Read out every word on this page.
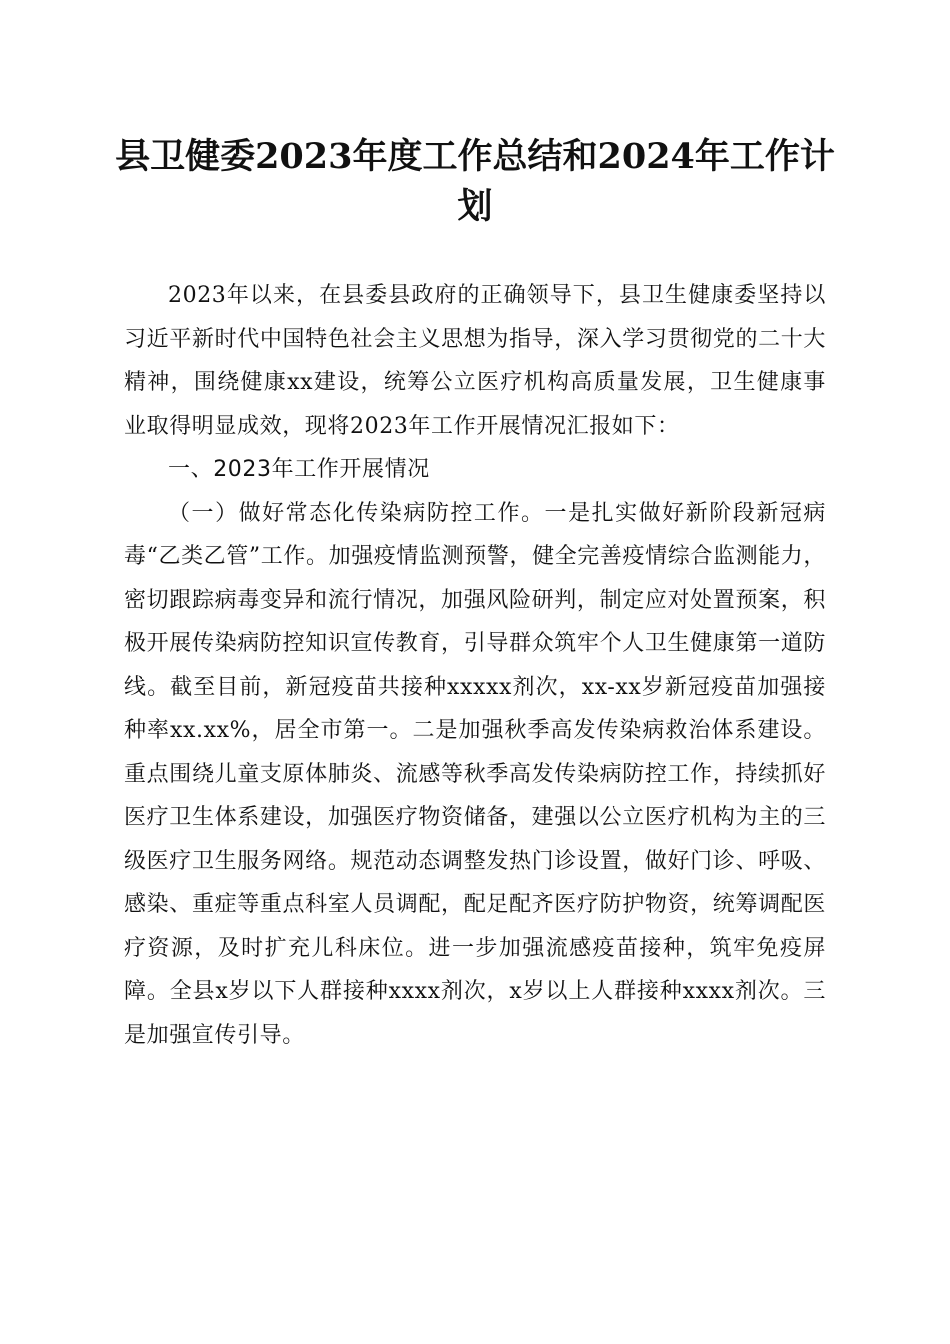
县卫健委2023年度工作总结和2024年工作计划

2023年以来，在县委县政府的正确领导下，县卫生健康委坚持以习近平新时代中国特色社会主义思想为指导，深入学习贯彻党的二十大精神，围绕健康xx建设，统筹公立医疗机构高质量发展，卫生健康事业取得明显成效，现将2023年工作开展情况汇报如下：

一、2023年工作开展情况

（一）做好常态化传染病防控工作。一是扎实做好新阶段新冠病毒“乙类乙管”工作。加强疫情监测预警，健全完善疫情综合监测能力，密切跟踪病毒变异和流行情况，加强风险研判，制定应对处置预案，积极开展传染病防控知识宣传教育，引导群众筑牢个人卫生健康第一道防线。截至目前，新冠疫苗共接种xxxxx剂次，xx-xx岁新冠疫苗加强接种率xx.xx%，居全市第一。二是加强秋季高发传染病救治体系建设。重点围绕儿童支原体肺炎、流感等秋季高发传染病防控工作，持续抓好医疗卫生体系建设，加强医疗物资储备，建强以公立医疗机构为主的三级医疗卫生服务网络。规范动态调整发热门诊设置，做好门诊、呼吸、感染、重症等重点科室人员调配，配足配齐医疗防护物资，统筹调配医疗资源，及时扩充儿科床位。进一步加强流感疫苗接种，筑牢免疫屏障。全县x岁以下人群接种xxxx剂次，x岁以上人群接种xxxx剂次。三是加强宣传引导。
